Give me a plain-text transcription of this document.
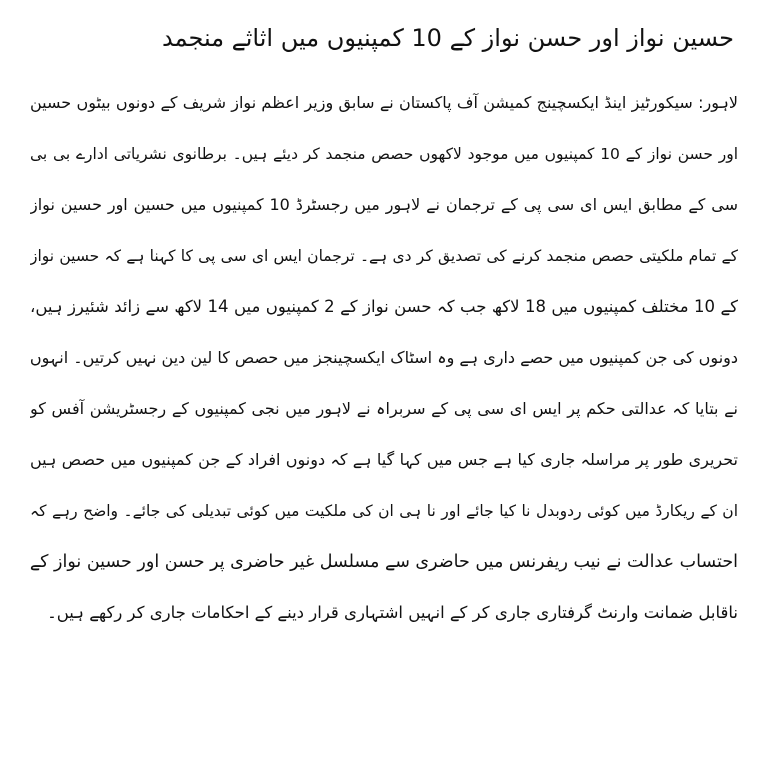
حسین نواز اور حسن نواز کے 10 کمپنیوں میں اثاثے منجمد
لاہور: سیکورٹیز اینڈ ایکسچینج کمیشن آف پاکستان نے سابق وزیر اعظم نواز شریف کے دونوں بیٹوں حسین
اور حسن نواز کے 10 کمپنیوں میں موجود لاکھوں حصص منجمد کر دیئے ہیں۔ برطانوی نشریاتی ادارے بی بی
سی کے مطابق ایس ای سی پی کے ترجمان نے لاہور میں رجسٹرڈ 10 کمپنیوں میں حسین اور حسین نواز
کے تمام ملکیتی حصص منجمد کرنے کی تصدیق کر دی ہے۔ ترجمان ایس ای سی پی کا کہنا ہے کہ حسین نواز
کے 10 مختلف کمپنیوں میں 18 لاکھ جب کہ حسن نواز کے 2 کمپنیوں میں 14 لاکھ سے زائد شئیرز ہیں،
دونوں کی جن کمپنیوں میں حصے داری ہے وہ اسٹاک ایکسچینجز میں حصص کا لین دین نہیں کرتیں۔ انہوں
نے بتایا کہ عدالتی حکم پر ایس ای سی پی کے سربراہ نے لاہور میں نجی کمپنیوں کے رجسٹریشن آفس کو
تحریری طور پر مراسلہ جاری کیا ہے جس میں کہا گیا ہے کہ دونوں افراد کے جن کمپنیوں میں حصص ہیں
ان کے ریکارڈ میں کوئی ردوبدل نا کیا جائے اور نا ہی ان کی ملکیت میں کوئی تبدیلی کی جائے۔ واضح رہے کہ
احتساب عدالت نے نیب ریفرنس میں حاضری سے مسلسل غیر حاضری پر حسن اور حسین نواز کے
ناقابل ضمانت وارنٹ گرفتاری جاری کر کے انہیں اشتہاری قرار دینے کے احکامات جاری کر رکھے ہیں۔
